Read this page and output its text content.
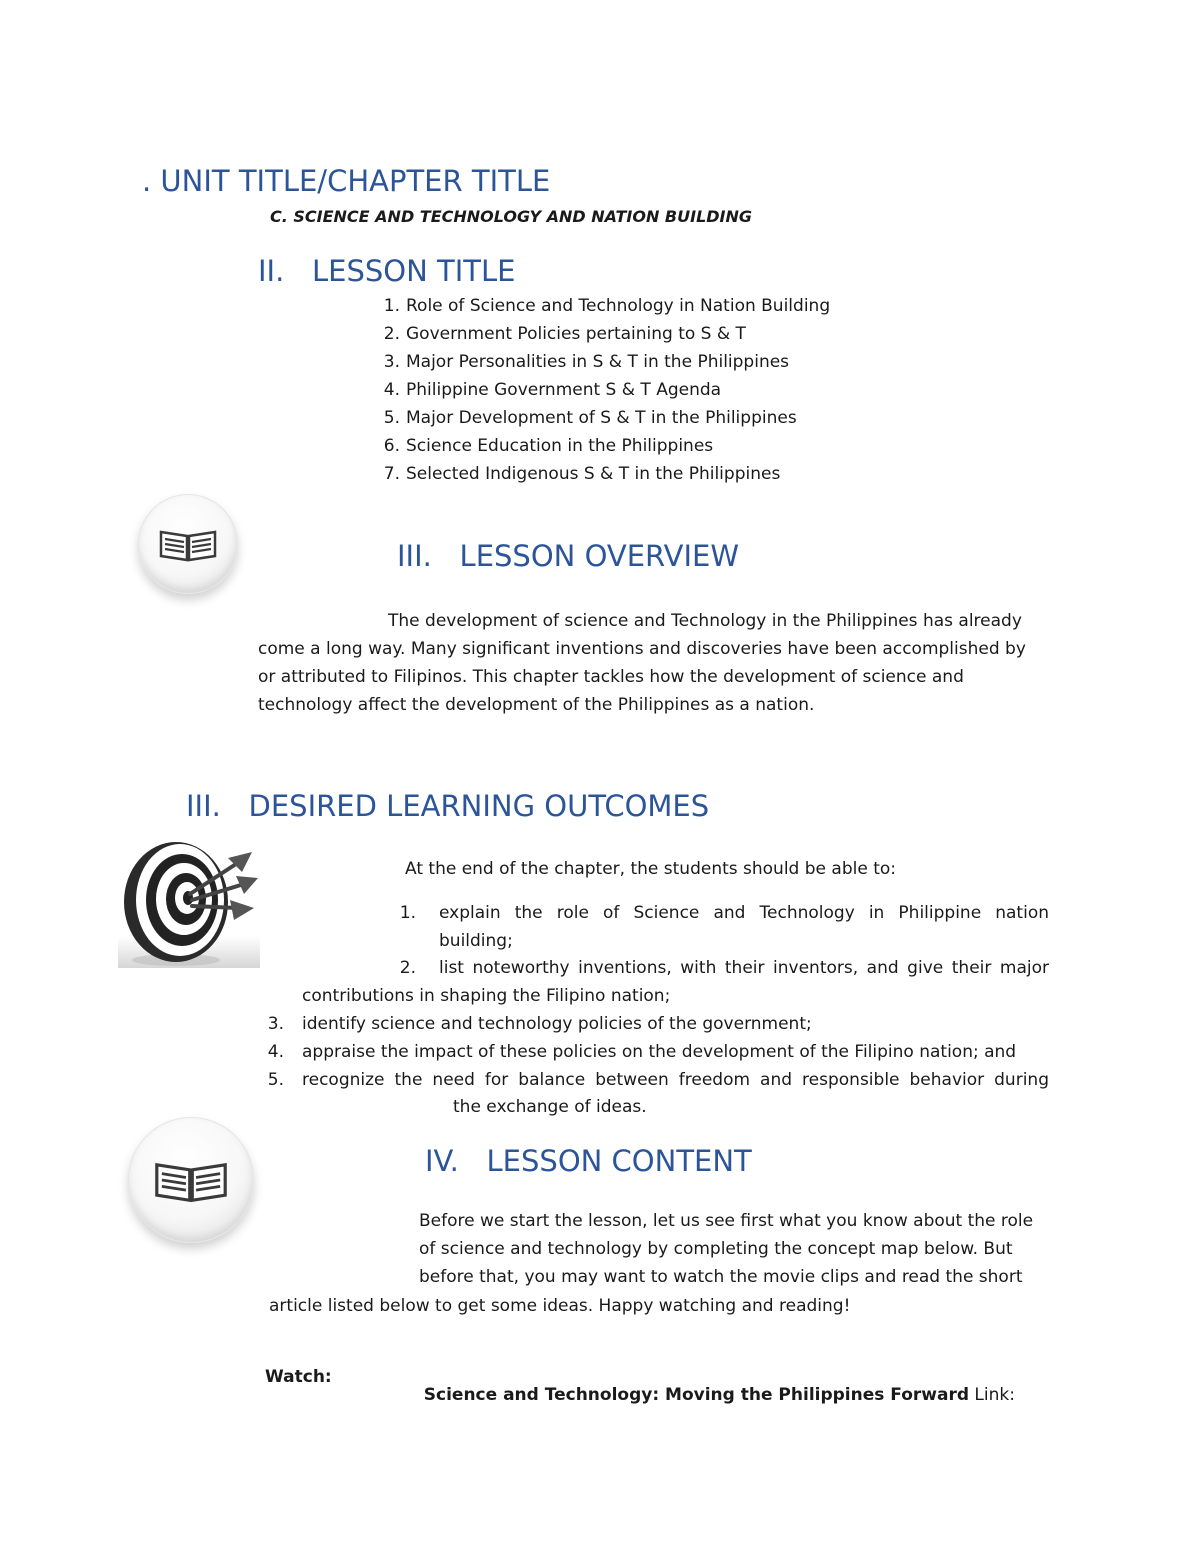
. UNIT TITLE/CHAPTER TITLE
C. SCIENCE AND TECHNOLOGY AND NATION BUILDING
II.   LESSON TITLE
1. Role of Science and Technology in Nation Building
2. Government Policies pertaining to S & T
3. Major Personalities in S & T in the Philippines
4. Philippine Government S & T Agenda
5. Major Development of S & T in the Philippines
6. Science Education in the Philippines
7. Selected Indigenous S & T in the Philippines
III.   LESSON OVERVIEW

The development of science and Technology in the Philippines has already

come a long way. Many significant inventions and discoveries have been accomplished by

or attributed to Filipinos. This chapter tackles how the development of science and

technology affect the development of the Philippines as a nation.

III.   DESIRED LEARNING OUTCOMES

At the end of the chapter, the students should be able to:

1. explain the role of Science and Technology in Philippine nation

building;

2. list noteworthy inventions, with their inventors, and give their major

contributions in shaping the Filipino nation;

3. identify science and technology policies of the government;

4. appraise the impact of these policies on the development of the Filipino nation; and

5. recognize the need for balance between freedom and responsible behavior during

the exchange of ideas.

IV.   LESSON CONTENT

Before we start the lesson, let us see first what you know about the role

of science and technology by completing the concept map below. But

before that, you may want to watch the movie clips and read the short

article listed below to get some ideas. Happy watching and reading!

Watch:

Science and Technology: Moving the Philippines Forward Link:
